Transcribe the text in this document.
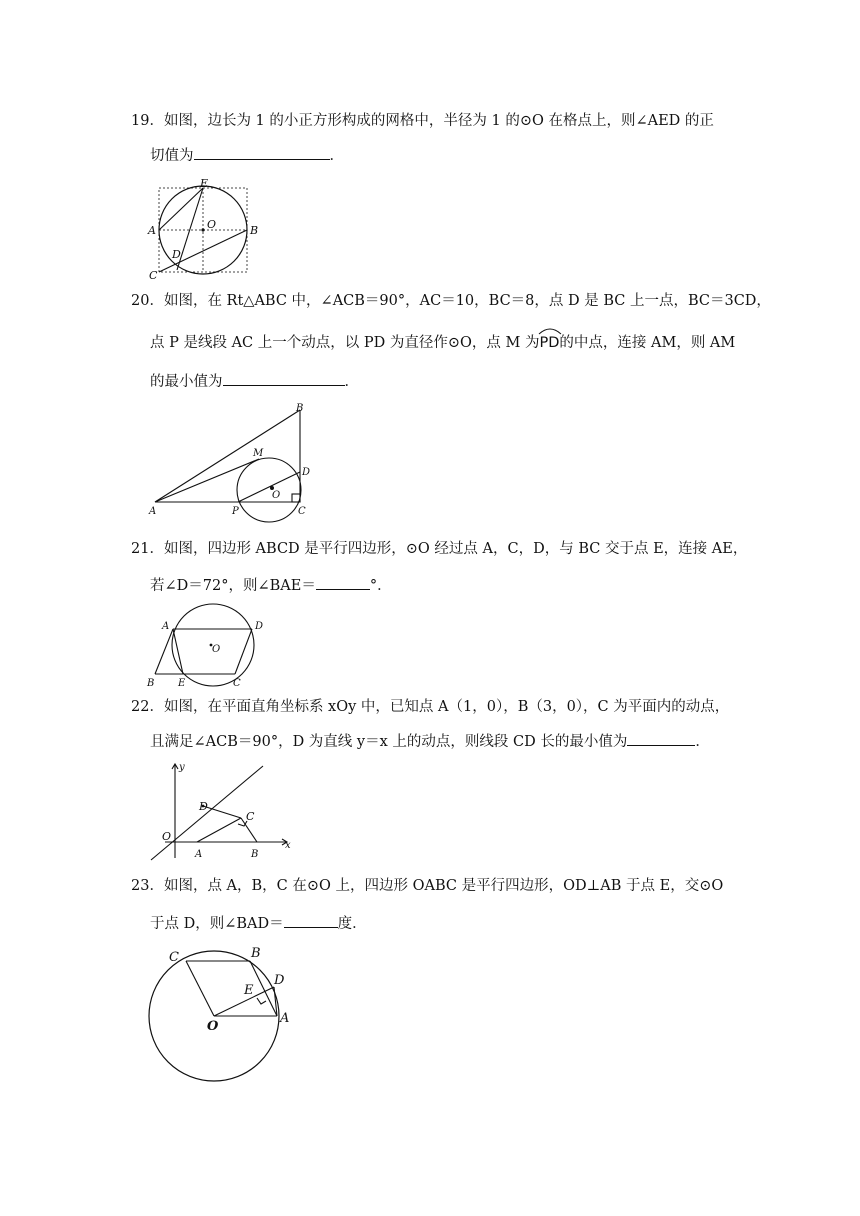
19．如图，边长为 1 的小正方形构成的网格中，半径为 1 的⊙O 在格点上，则∠AED 的正
切值为	．
E
O
A	B
D
C
20．如图，在 Rt△ABC 中，∠ACB＝90°，AC＝10，BC＝8，点 D 是 BC 上一点，BC＝3CD，
点 P 是线段 AC 上一个动点，以 PD 为直径作⊙O，点 M 为
PD的中点，连接 AM，则 AM
的最小值为	．
B
M
D
O
A	P	C
21．如图，四边形 ABCD 是平行四边形，⊙O 经过点 A，C，D，与 BC 交于点 E，连接 AE，
若∠D＝72°，则∠BAE＝	°．
A	D
O
B E	C
22．如图，在平面直角坐标系 xOy 中，已知点 A（1，0），B（3，0），C 为平面内的动点，
且满足∠ACB＝90°，D 为直线 y＝x 上的动点，则线段 CD 长的最小值为	．
y
x
D
C
O
A	B
23．如图，点 A，B，C 在⊙O 上，四边形 OABC 是平行四边形，OD⊥AB 于点 E，交⊙O
于点 D，则∠BAD＝	度．
C	B
D
E
O
A
